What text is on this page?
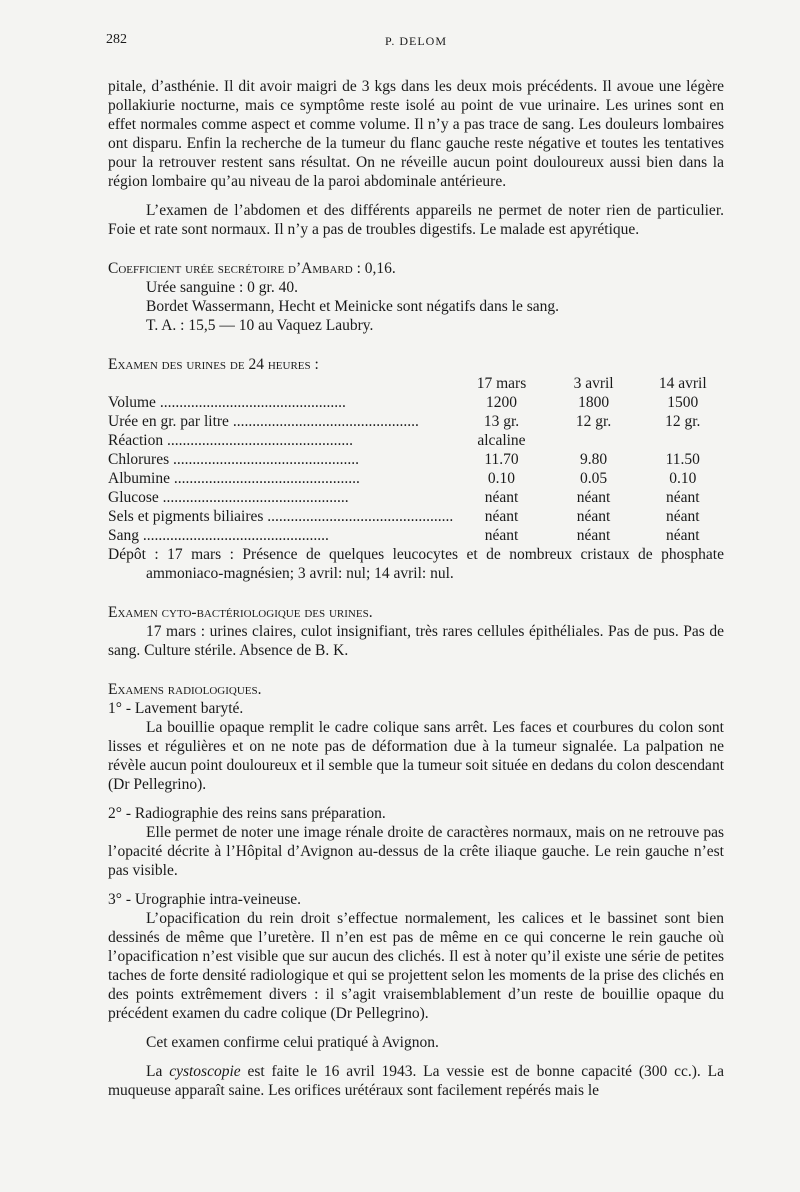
282	P. DELOM

pitale, d’asthénie. Il dit avoir maigri de 3 kgs dans les deux mois précédents. Il avoue une légère pollakiurie nocturne, mais ce symptôme reste isolé au point de vue urinaire. Les urines sont en effet normales comme aspect et comme volume. Il n’y a pas trace de sang. Les douleurs lombaires ont disparu. Enfin la recherche de la tumeur du flanc gauche reste négative et toutes les tentatives pour la retrouver restent sans résultat. On ne réveille aucun point douloureux aussi bien dans la région lombaire qu’au niveau de la paroi abdominale antérieure.

L’examen de l’abdomen et des différents appareils ne permet de noter rien de particulier. Foie et rate sont normaux. Il n’y a pas de troubles digestifs. Le malade est apyrétique.

Coefficient urée secrétoire d’Ambard : 0,16.

Urée sanguine : 0 gr. 40.

Bordet Wassermann, Hecht et Meinicke sont négatifs dans le sang.

T. A. : 15,5 — 10 au Vaquez Laubry.

Examen des urines de 24 heures :

	17 mars	3 avril	14 avril
Volume .....	1200	1800	1500
Urée en gr. par litre .....	13 gr.	12 gr.	12 gr.
Réaction .....	alcaline		
Chlorures .....	11.70	9.80	11.50
Albumine .....	0.10	0.05	0.10
Glucose .....	néant	néant	néant
Sels et pigments biliaires .....	néant	néant	néant
Sang .....	néant	néant	néant

Dépôt : 17 mars : Présence de quelques leucocytes et de nombreux cristaux de phosphate ammoniaco-magnésien; 3 avril: nul; 14 avril: nul.

Examen cyto-bactériologique des urines.

17 mars : urines claires, culot insignifiant, très rares cellules épithéliales. Pas de pus. Pas de sang. Culture stérile. Absence de B. K.

Examens radiologiques.

1° - Lavement baryté.

La bouillie opaque remplit le cadre colique sans arrêt. Les faces et courbures du colon sont lisses et régulières et on ne note pas de déformation due à la tumeur signalée. La palpation ne révèle aucun point douloureux et il semble que la tumeur soit située en dedans du colon descendant (Dr Pellegrino).

2° - Radiographie des reins sans préparation.

Elle permet de noter une image rénale droite de caractères normaux, mais on ne retrouve pas l’opacité décrite à l’Hôpital d’Avignon au-dessus de la crête iliaque gauche. Le rein gauche n’est pas visible.

3° - Urographie intra-veineuse.

L’opacification du rein droit s’effectue normalement, les calices et le bassinet sont bien dessinés de même que l’uretère. Il n’en est pas de même en ce qui concerne le rein gauche où l’opacification n’est visible que sur aucun des clichés. Il est à noter qu’il existe une série de petites taches de forte densité radiologique et qui se projettent selon les moments de la prise des clichés en des points extrêmement divers : il s’agit vraisemblablement d’un reste de bouillie opaque du précédent examen du cadre colique (Dr Pellegrino).

Cet examen confirme celui pratiqué à Avignon.

La cystoscopie est faite le 16 avril 1943. La vessie est de bonne capacité (300 cc.). La muqueuse apparaît saine. Les orifices urétéraux sont facilement repérés mais le
